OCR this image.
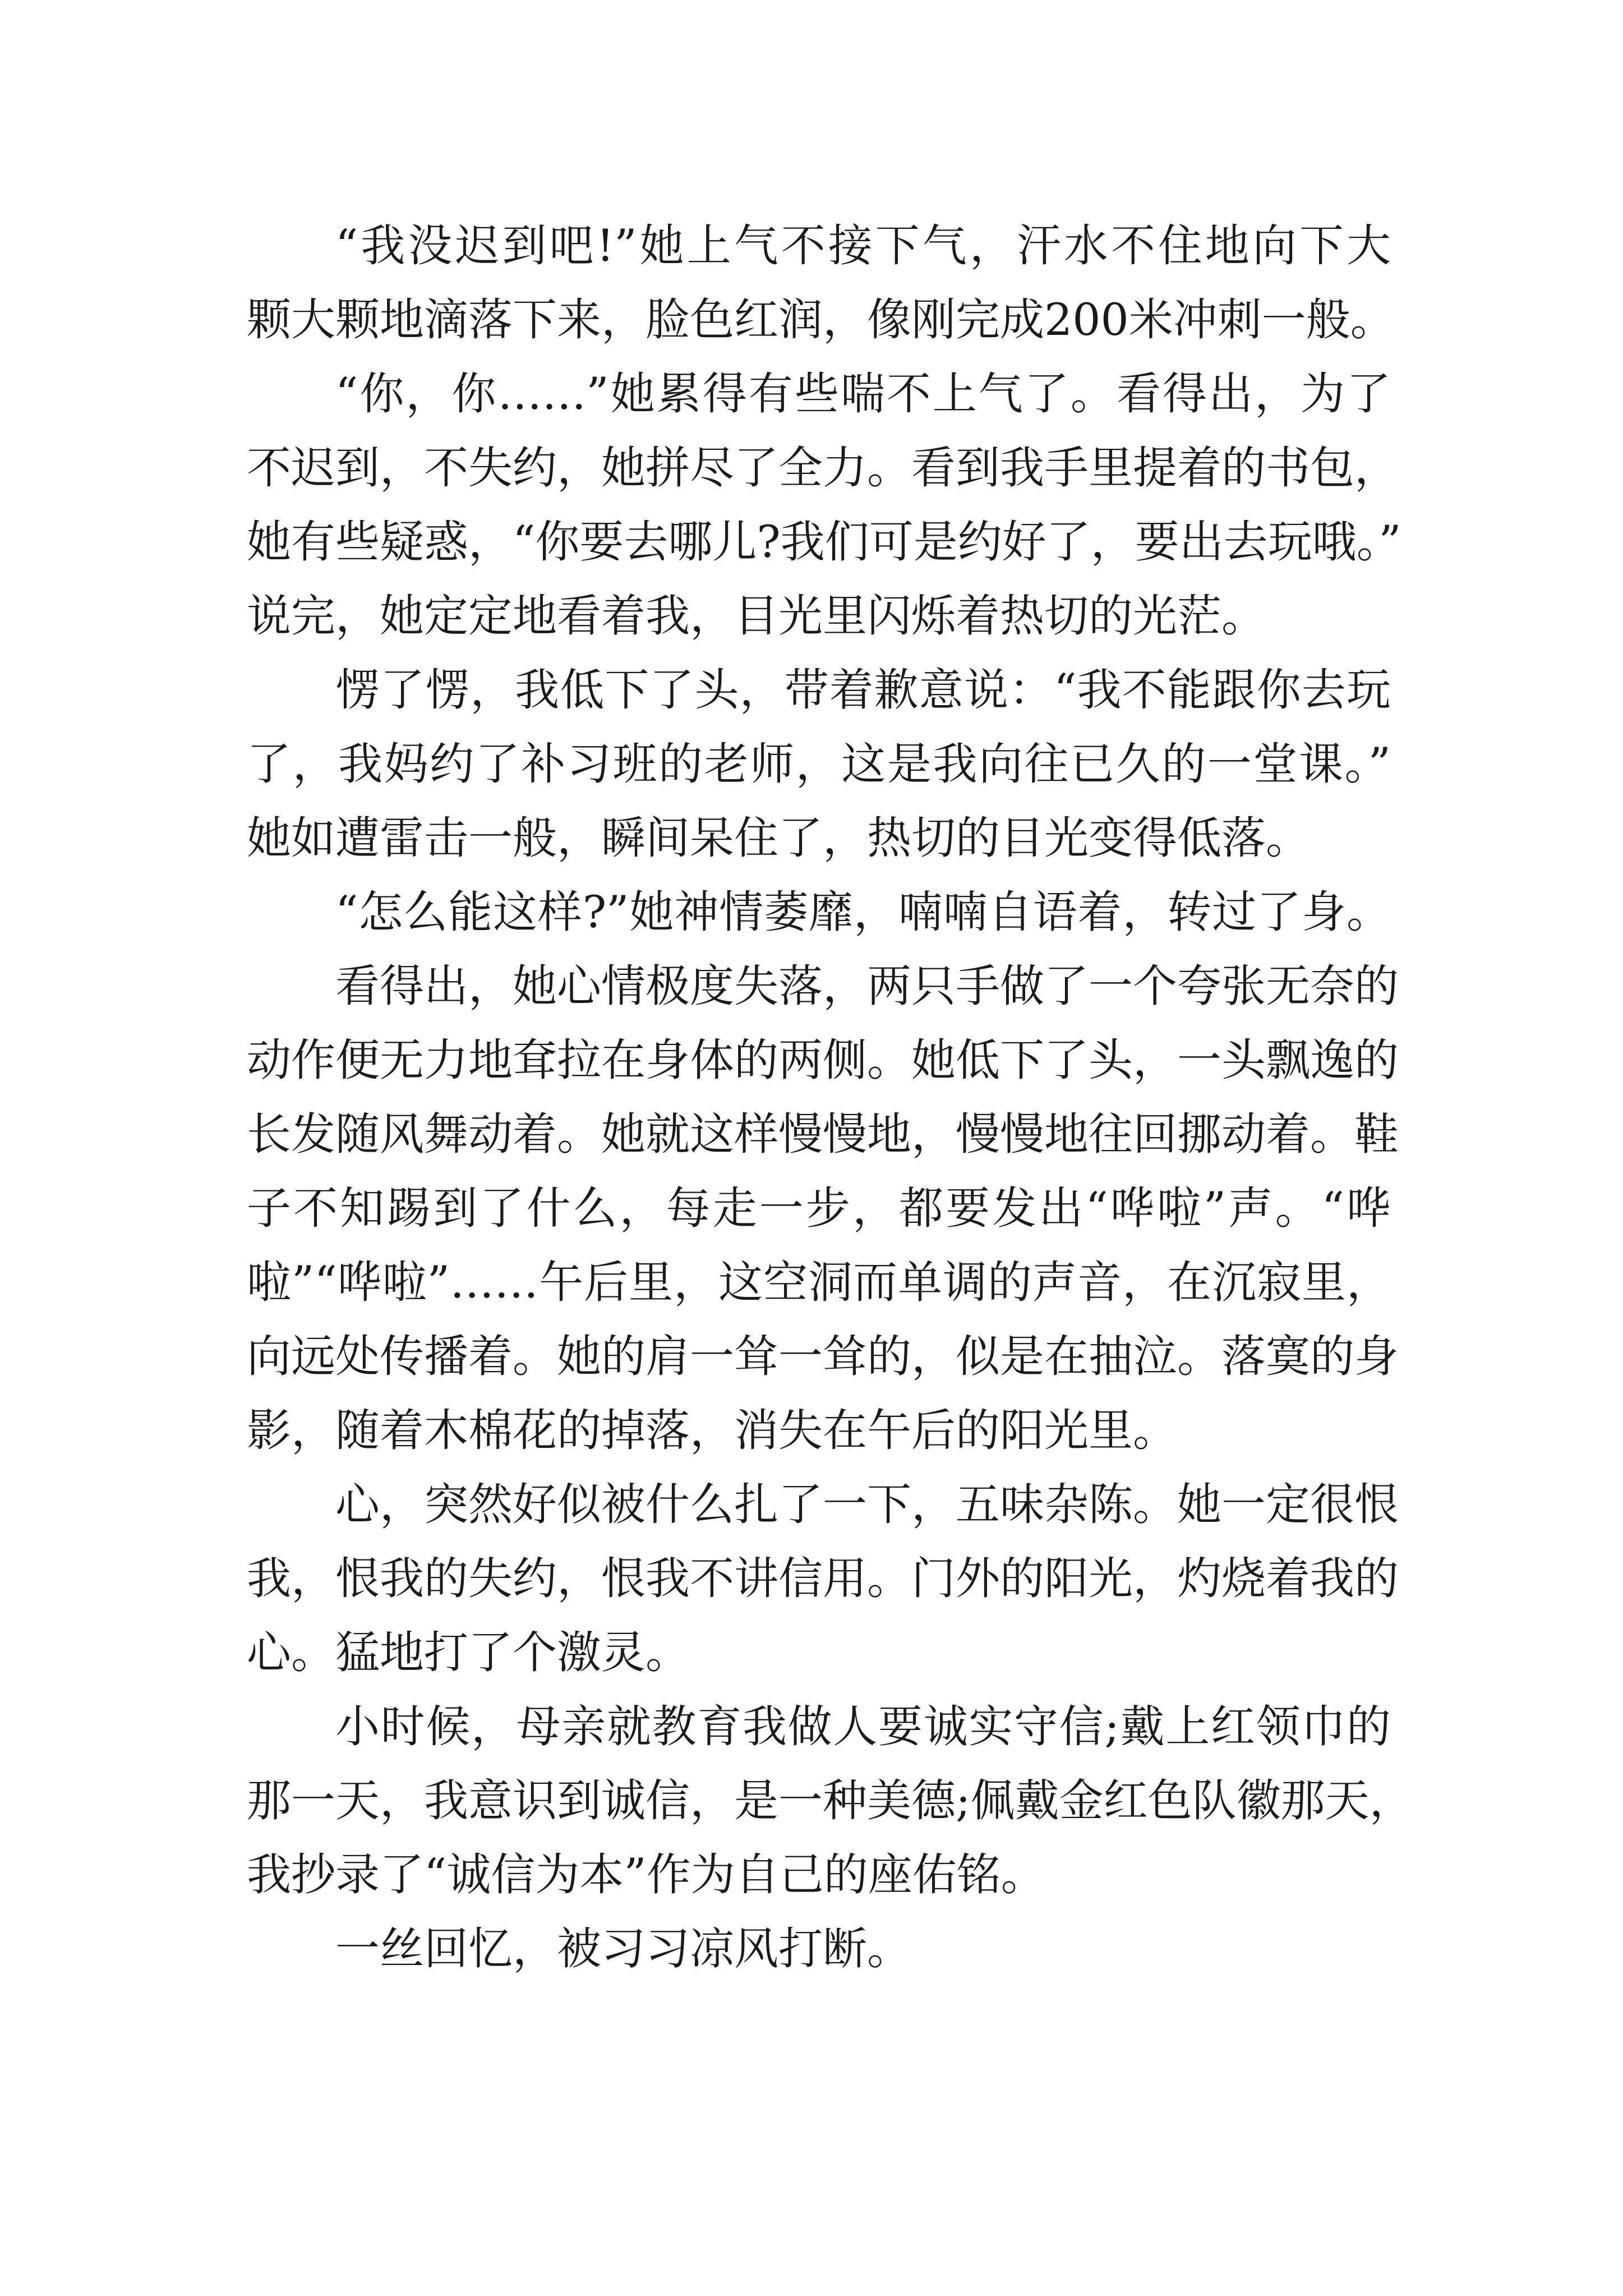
“我没迟到吧!”她上气不接下气，汗水不住地向下大
颗大颗地滴落下来，脸色红润，像刚完成200米冲刺一般。
“你，你……”她累得有些喘不上气了。看得出，为了
不迟到，不失约，她拼尽了全力。看到我手里提着的书包，
她有些疑惑，“你要去哪儿?我们可是约好了，要出去玩哦。”
说完，她定定地看着我，目光里闪烁着热切的光茫。
愣了愣，我低下了头，带着歉意说：“我不能跟你去玩
了，我妈约了补习班的老师，这是我向往已久的一堂课。”
她如遭雷击一般，瞬间呆住了，热切的目光变得低落。
“怎么能这样?”她神情萎靡，喃喃自语着，转过了身。
看得出，她心情极度失落，两只手做了一个夸张无奈的
动作便无力地耷拉在身体的两侧。她低下了头，一头飘逸的
长发随风舞动着。她就这样慢慢地，慢慢地往回挪动着。鞋
子不知踢到了什么，每走一步，都要发出“哗啦”声。“哗
啦”“哗啦”……午后里，这空洞而单调的声音，在沉寂里，
向远处传播着。她的肩一耸一耸的，似是在抽泣。落寞的身
影，随着木棉花的掉落，消失在午后的阳光里。
心，突然好似被什么扎了一下，五味杂陈。她一定很恨
我，恨我的失约，恨我不讲信用。门外的阳光，灼烧着我的
心。猛地打了个激灵。
小时候，母亲就教育我做人要诚实守信;戴上红领巾的
那一天，我意识到诚信，是一种美德;佩戴金红色队徽那天，
我抄录了“诚信为本”作为自己的座佑铭。
一丝回忆，被习习凉风打断。
